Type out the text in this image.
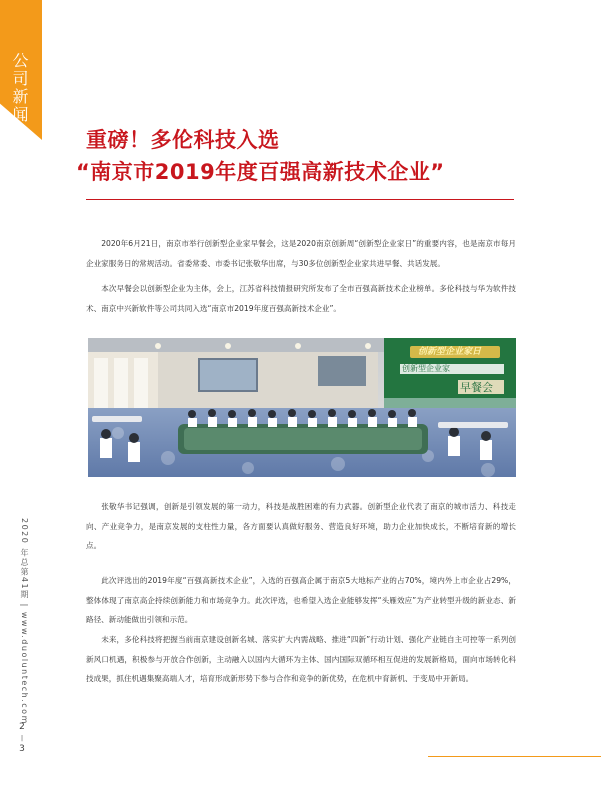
公
司
新
闻
重磅！多伦科技入选
“南京市2019年度百强高新技术企业”

2020年6月21日，南京市举行创新型企业家早餐会，这是2020南京创新周“创新型企业家日”的重要内容，也是南京市每月企业家服务日的常规活动。省委常委、市委书记张敬华出席，与30多位创新型企业家共进早餐、共话发展。

本次早餐会以创新型企业为主体，会上，江苏省科技情报研究所发布了全市百强高新技术企业榜单。多伦科技与华为软件技术、南京中兴新软件等公司共同入选“南京市2019年度百强高新技术企业”。

创新型企业家日
创新型企业家
早餐会

张敬华书记强调，创新是引领发展的第一动力，科技是战胜困难的有力武器。创新型企业代表了南京的城市活力、科技走向、产业竞争力，是南京发展的支柱性力量，各方面要认真做好服务、营造良好环境，助力企业加快成长，不断培育新的增长点。

此次评选出的2019年度“百强高新技术企业”，入选的百强高企属于南京5大地标产业的占70%，境内外上市企业占29%，整体体现了南京高企持续创新能力和市场竞争力。此次评选，也希望入选企业能够发挥“头雁效应”为产业转型升级的新业态、新路径、新动能做出引领和示范。

未来，多伦科技将把握当前南京建设创新名城、落实扩大内需战略、推进“四新”行动计划、强化产业链自主可控等一系列创新风口机遇，积极参与开放合作创新，主动融入以国内大循环为主体、国内国际双循环相互促进的发展新格局，面向市场转化科技成果，抓住机遇集聚高端人才，培育形成新形势下参与合作和竞争的新优势，在危机中育新机、于变局中开新局。

2020 年总第41期 | www.duoluntech.com
2
|
3
